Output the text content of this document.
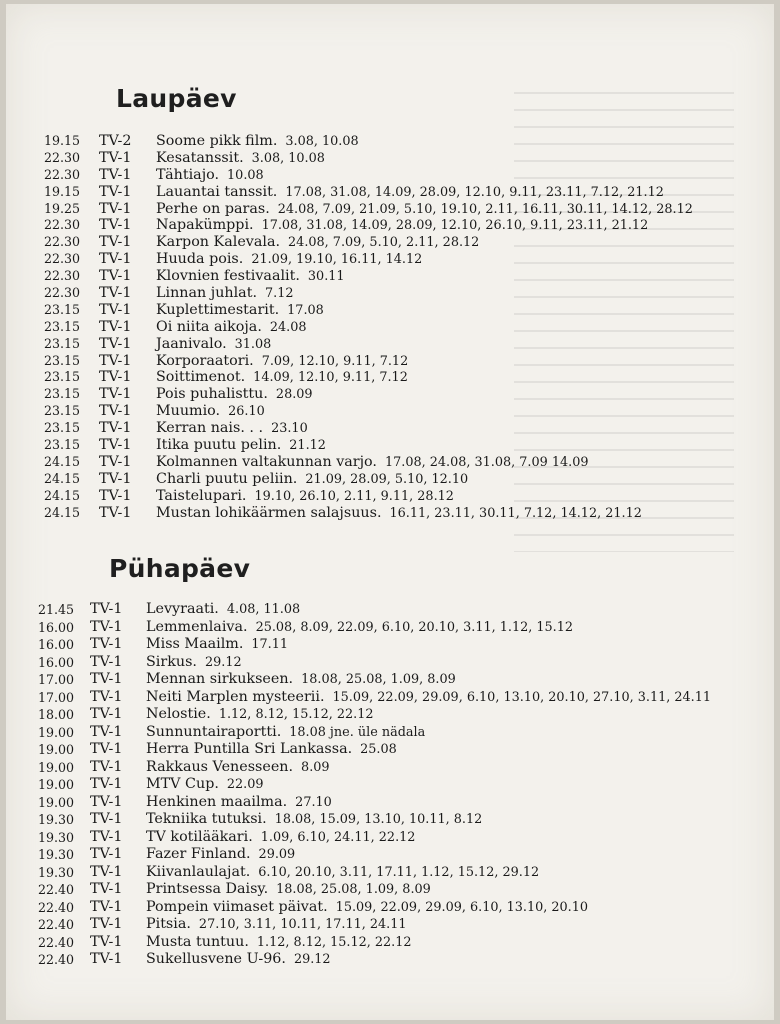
Laupäev
19.15 TV-2 Soome pikk film. 3.08, 10.08
22.30 TV-1 Kesatanssit. 3.08, 10.08
22.30 TV-1 Tähtiajo. 10.08
19.15 TV-1 Lauantai tanssit. 17.08, 31.08, 14.09, 28.09, 12.10, 9.11, 23.11, 7.12, 21.12
19.25 TV-1 Perhe on paras. 24.08, 7.09, 21.09, 5.10, 19.10, 2.11, 16.11, 30.11, 14.12, 28.12
22.30 TV-1 Napakümppi. 17.08, 31.08, 14.09, 28.09, 12.10, 26.10, 9.11, 23.11, 21.12
22.30 TV-1 Karpon Kalevala. 24.08, 7.09, 5.10, 2.11, 28.12
22.30 TV-1 Huuda pois. 21.09, 19.10, 16.11, 14.12
22.30 TV-1 Klovnien festivaalit. 30.11
22.30 TV-1 Linnan juhlat. 7.12
23.15 TV-1 Kuplettimestarit. 17.08
23.15 TV-1 Oi niita aikoja. 24.08
23.15 TV-1 Jaanivalo. 31.08
23.15 TV-1 Korporaatori. 7.09, 12.10, 9.11, 7.12
23.15 TV-1 Soittimenot. 14.09, 12.10, 9.11, 7.12
23.15 TV-1 Pois puhalisttu. 28.09
23.15 TV-1 Muumio. 26.10
23.15 TV-1 Kerran nais. . . 23.10
23.15 TV-1 Itika puutu pelin. 21.12
24.15 TV-1 Kolmannen valtakunnan varjo. 17.08, 24.08, 31.08, 7.09 14.09
24.15 TV-1 Charli puutu peliin. 21.09, 28.09, 5.10, 12.10
24.15 TV-1 Taistelupari. 19.10, 26.10, 2.11, 9.11, 28.12
24.15 TV-1 Mustan lohikäärmen salajsuus. 16.11, 23.11, 30.11, 7.12, 14.12, 21.12
Pühapäev
21.45 TV-1 Levyraati. 4.08, 11.08
16.00 TV-1 Lemmenlaiva. 25.08, 8.09, 22.09, 6.10, 20.10, 3.11, 1.12, 15.12
16.00 TV-1 Miss Maailm. 17.11
16.00 TV-1 Sirkus. 29.12
17.00 TV-1 Mennan sirkukseen. 18.08, 25.08, 1.09, 8.09
17.00 TV-1 Neiti Marplen mysteerii. 15.09, 22.09, 29.09, 6.10, 13.10, 20.10, 27.10, 3.11, 24.11
18.00 TV-1 Nelostie. 1.12, 8.12, 15.12, 22.12
19.00 TV-1 Sunnuntairaportti. 18.08 jne. üle nädala
19.00 TV-1 Herra Puntilla Sri Lankassa. 25.08
19.00 TV-1 Rakkaus Venesseen. 8.09
19.00 TV-1 MTV Cup. 22.09
19.00 TV-1 Henkinen maailma. 27.10
19.30 TV-1 Tekniika tutuksi. 18.08, 15.09, 13.10, 10.11, 8.12
19.30 TV-1 TV kotilääkari. 1.09, 6.10, 24.11, 22.12
19.30 TV-1 Fazer Finland. 29.09
19.30 TV-1 Kiivanlaulajat. 6.10, 20.10, 3.11, 17.11, 1.12, 15.12, 29.12
22.40 TV-1 Printsessa Daisy. 18.08, 25.08, 1.09, 8.09
22.40 TV-1 Pompein viimaset päivat. 15.09, 22.09, 29.09, 6.10, 13.10, 20.10
22.40 TV-1 Pitsia. 27.10, 3.11, 10.11, 17.11, 24.11
22.40 TV-1 Musta tuntuu. 1.12, 8.12, 15.12, 22.12
22.40 TV-1 Sukellusvene U-96. 29.12
